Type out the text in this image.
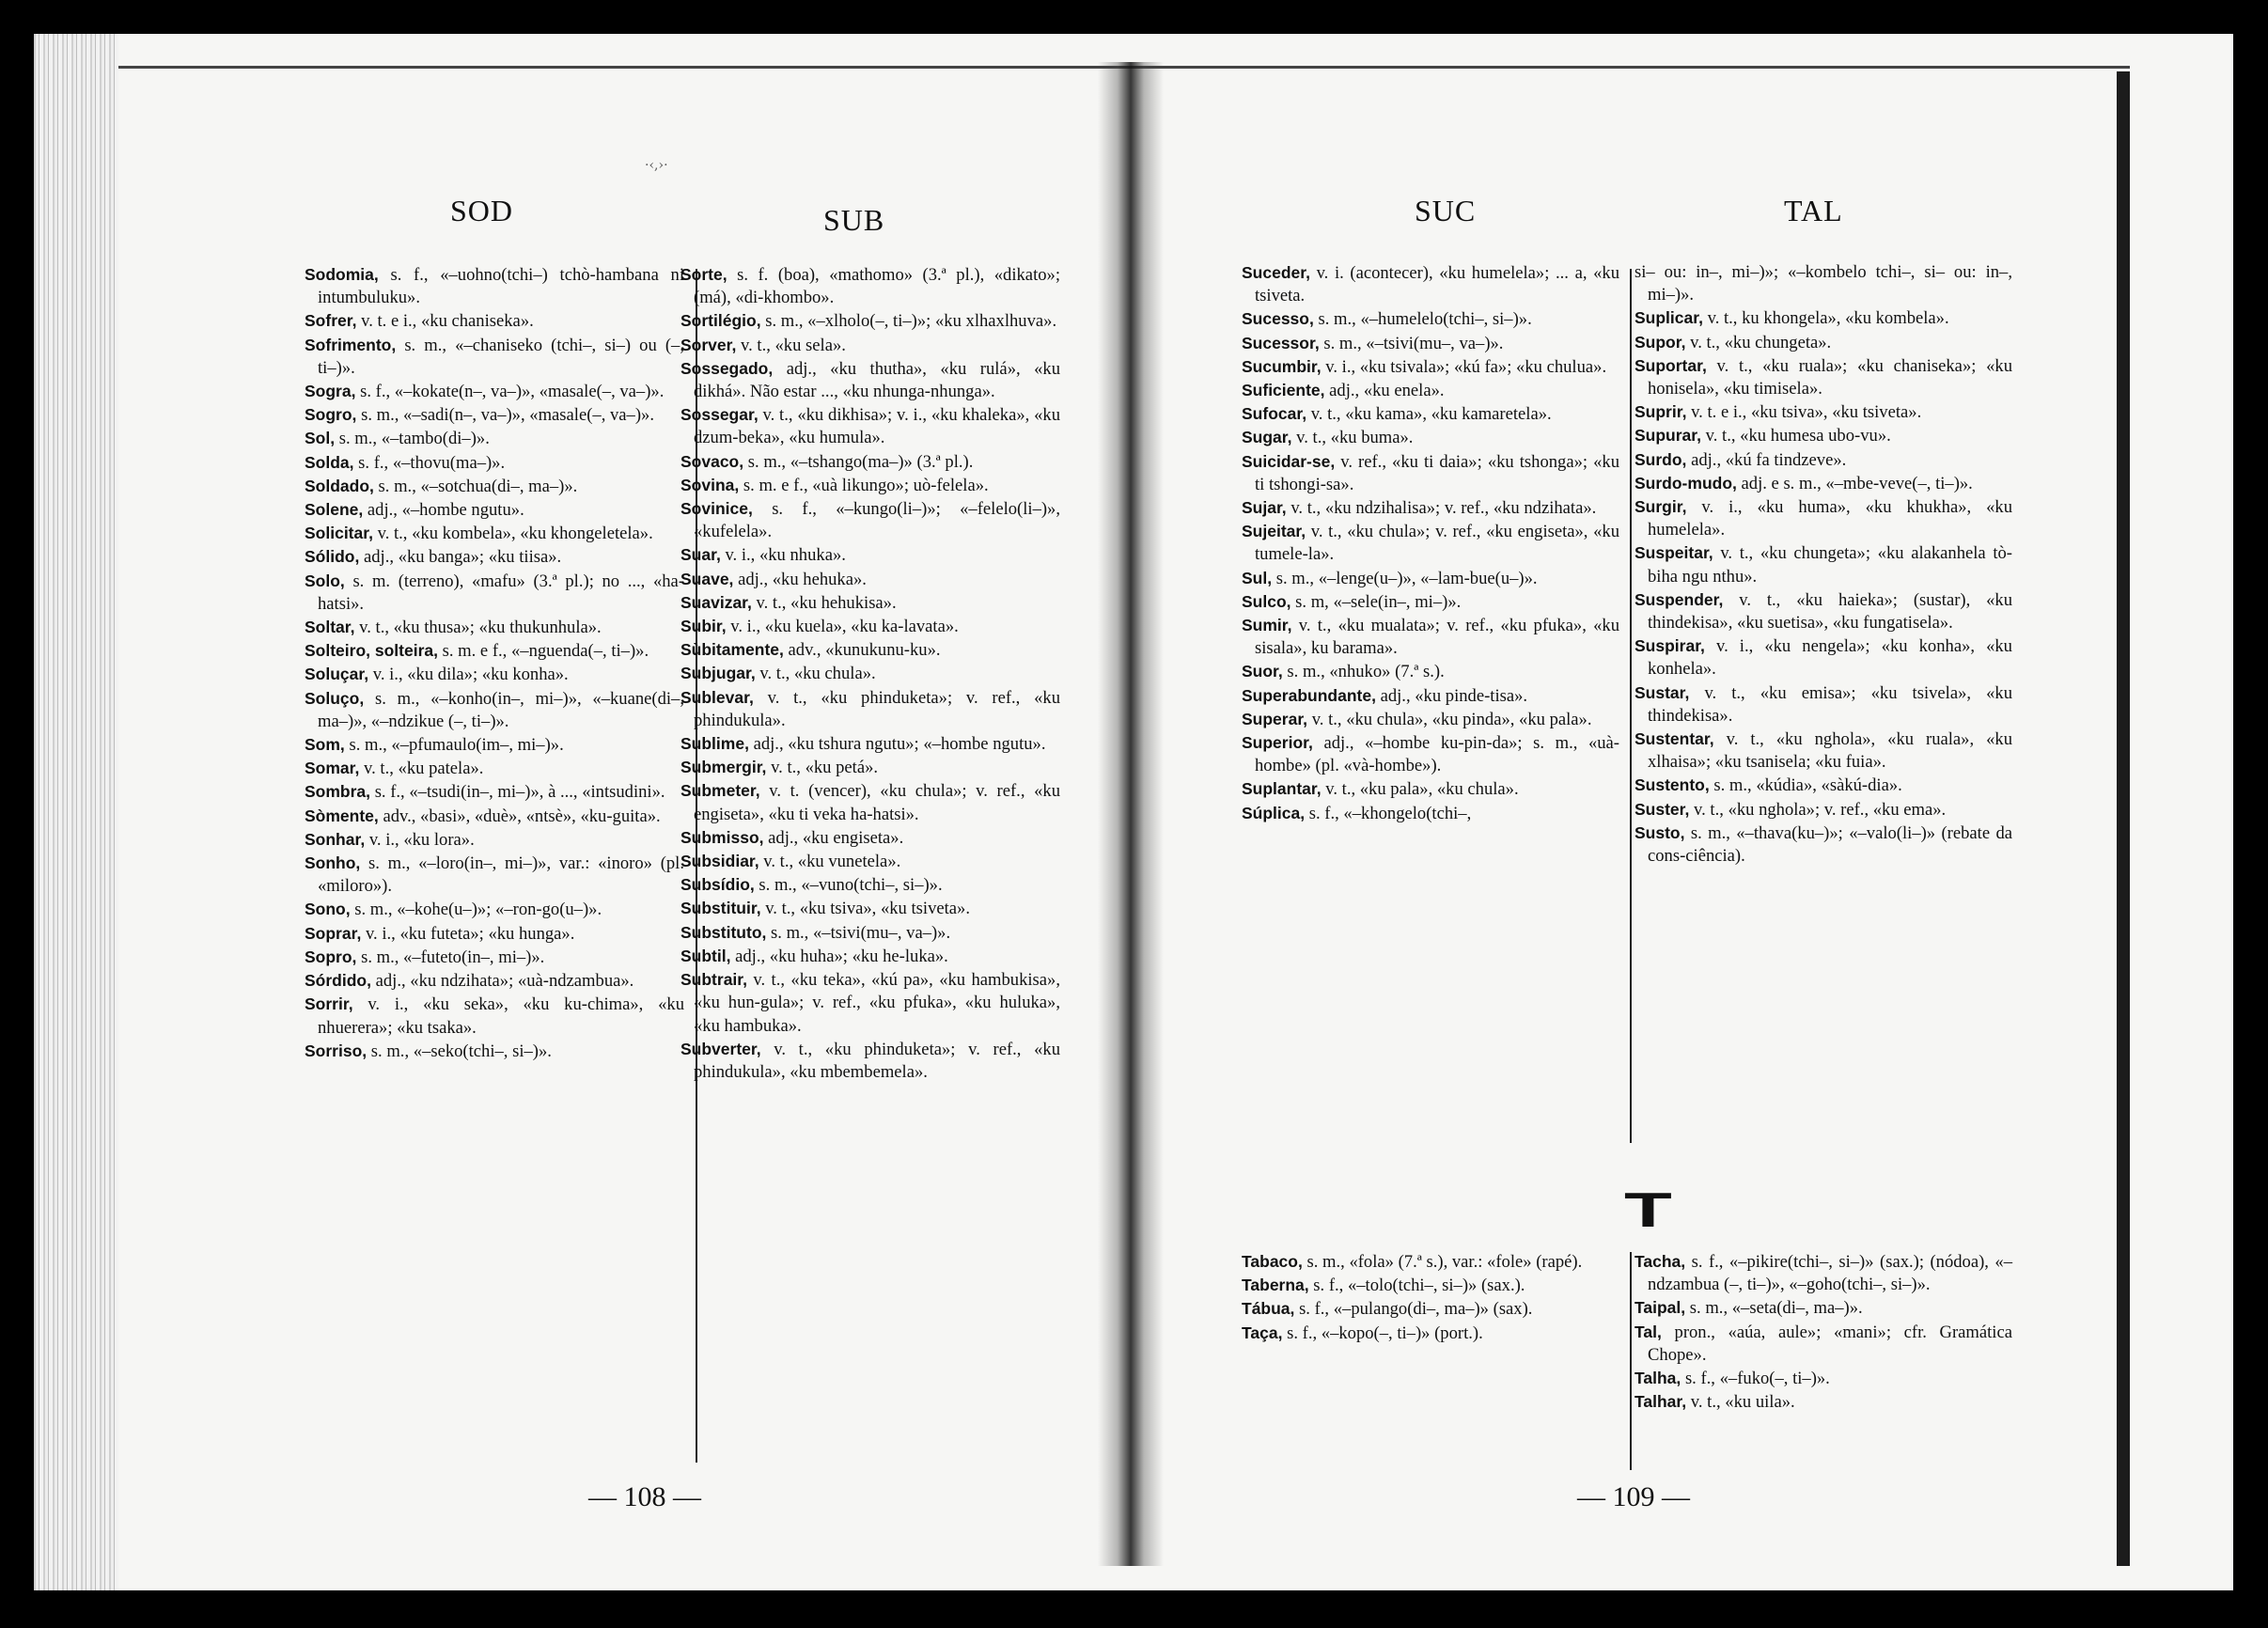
·‹,›·
SOD	SUB
Sodomia, s. f., «–uohno(tchi–) tchò-hambana ni intumbuluku».
Sofrer, v. t. e i., «ku chaniseka».
Sofrimento, s. m., «–chaniseko (tchi–, si–) ou (–, ti–)».
Sogra, s. f., «–kokate(n–, va–)», «masale(–, va–)».
Sogro, s. m., «–sadi(n–, va–)», «masale(–, va–)».
Sol, s. m., «–tambo(di–)».
Solda, s. f., «–thovu(ma–)».
Soldado, s. m., «–sotchua(di–, ma–)».
Solene, adj., «–hombe ngutu».
Solicitar, v. t., «ku kombela», «ku khongeletela».
Sólido, adj., «ku banga»; «ku tiisa».
Solo, s. m. (terreno), «mafu» (3.ª pl.); no ..., «ha-hatsi».
Soltar, v. t., «ku thusa»; «ku thukunhula».
Solteiro, solteira, s. m. e f., «–nguenda(–, ti–)».
Soluçar, v. i., «ku dila»; «ku konha».
Soluço, s. m., «–konho(in–, mi–)», «–kuane(di–, ma–)», «–ndzikue (–, ti–)».
Som, s. m., «–pfumaulo(im–, mi–)».
Somar, v. t., «ku patela».
Sombra, s. f., «–tsudi(in–, mi–)», à ..., «intsudini».
Sòmente, adv., «basi», «duè», «ntsè», «ku-guita».
Sonhar, v. i., «ku lora».
Sonho, s. m., «–loro(in–, mi–)», var.: «inoro» (pl. «miloro»).
Sono, s. m., «–kohe(u–)»; «–ron-go(u–)».
Soprar, v. i., «ku futeta»; «ku hunga».
Sopro, s. m., «–futeto(in–, mi–)».
Sórdido, adj., «ku ndzihata»; «uà-ndzambua».
Sorrir, v. i., «ku seka», «ku ku-chima», «ku nhuerera»; «ku tsaka».
Sorriso, s. m., «–seko(tchi–, si–)».
Sorte, s. f. (boa), «mathomo» (3.ª pl.), «dikato»; (má), «di-khombo».
Sortilégio, s. m., «–xlholo(–, ti–)»; «ku xlhaxlhuva».
Sorver, v. t., «ku sela».
Sossegado, adj., «ku thutha», «ku rulá», «ku dikhá». Não estar ..., «ku nhunga-nhunga».
Sossegar, v. t., «ku dikhisa»; v. i., «ku khaleka», «ku dzum-beka», «ku humula».
Sovaco, s. m., «–tshango(ma–)» (3.ª pl.).
Sovina, s. m. e f., «uà likungo»; uò-felela».
Sovinice, s. f., «–kungo(li–)»; «–felelo(li–)», «kufelela».
Suar, v. i., «ku nhuka».
Suave, adj., «ku hehuka».
Suavizar, v. t., «ku hehukisa».
Subir, v. i., «ku kuela», «ku ka-lavata».
Sùbitamente, adv., «kunukunu-ku».
Subjugar, v. t., «ku chula».
Sublevar, v. t., «ku phinduketa»; v. ref., «ku phindukula».
Sublime, adj., «ku tshura ngutu»; «–hombe ngutu».
Submergir, v. t., «ku petá».
Submeter, v. t. (vencer), «ku chula»; v. ref., «ku engiseta», «ku ti veka ha-hatsi».
Submisso, adj., «ku engiseta».
Subsidiar, v. t., «ku vunetela».
Subsídio, s. m., «–vuno(tchi–, si–)».
Substituir, v. t., «ku tsiva», «ku tsiveta».
Substituto, s. m., «–tsivi(mu–, va–)».
Subtil, adj., «ku huha»; «ku he-luka».
Subtrair, v. t., «ku teka», «kú pa», «ku hambukisa», «ku hun-gula»; v. ref., «ku pfuka», «ku huluka», «ku hambuka».
Subverter, v. t., «ku phinduketa»; v. ref., «ku phindukula», «ku mbembemela».
— 108 —
SUC	TAL
Suceder, v. i. (acontecer), «ku humelela»; ... a, «ku tsiveta.
Sucesso, s. m., «–humelelo(tchi–, si–)».
Sucessor, s. m., «–tsivi(mu–, va–)».
Sucumbir, v. i., «ku tsivala»; «kú fa»; «ku chulua».
Suficiente, adj., «ku enela».
Sufocar, v. t., «ku kama», «ku kamaretela».
Sugar, v. t., «ku buma».
Suicidar-se, v. ref., «ku ti daia»; «ku tshonga»; «ku ti tshongi-sa».
Sujar, v. t., «ku ndzihalisa»; v. ref., «ku ndzihata».
Sujeitar, v. t., «ku chula»; v. ref., «ku engiseta», «ku tumele-la».
Sul, s. m., «–lenge(u–)», «–lam-bue(u–)».
Sulco, s. m, «–sele(in–, mi–)».
Sumir, v. t., «ku mualata»; v. ref., «ku pfuka», «ku sisala», ku barama».
Suor, s. m., «nhuko» (7.ª s.).
Superabundante, adj., «ku pinde-tisa».
Superar, v. t., «ku chula», «ku pinda», «ku pala».
Superior, adj., «–hombe ku-pin-da»; s. m., «uà-hombe» (pl. «và-hombe»).
Suplantar, v. t., «ku pala», «ku chula».
Súplica, s. f., «–khongelo(tchi–,
si– ou: in–, mi–)»; «–kombelo tchi–, si– ou: in–, mi–)».
Suplicar, v. t., ku khongela», «ku kombela».
Supor, v. t., «ku chungeta».
Suportar, v. t., «ku ruala»; «ku chaniseka»; «ku honisela», «ku timisela».
Suprir, v. t. e i., «ku tsiva», «ku tsiveta».
Supurar, v. t., «ku humesa ubo-vu».
Surdo, adj., «kú fa tindzeve».
Surdo-mudo, adj. e s. m., «–mbe-veve(–, ti–)».
Surgir, v. i., «ku huma», «ku khukha», «ku humelela».
Suspeitar, v. t., «ku chungeta»; «ku alakanhela tò-biha ngu nthu».
Suspender, v. t., «ku haieka»; (sustar), «ku thindekisa», «ku suetisa», «ku fungatisela».
Suspirar, v. i., «ku nengela»; «ku konha», «ku konhela».
Sustar, v. t., «ku emisa»; «ku tsivela», «ku thindekisa».
Sustentar, v. t., «ku nghola», «ku ruala», «ku xlhaisa»; «ku tsanisela; «ku fuia».
Sustento, s. m., «kúdia», «sàkú-dia».
Suster, v. t., «ku nghola»; v. ref., «ku ema».
Susto, s. m., «–thava(ku–)»; «–valo(li–)» (rebate da cons-ciência).
T
Tabaco, s. m., «fola» (7.ª s.), var.: «fole» (rapé).
Taberna, s. f., «–tolo(tchi–, si–)» (sax.).
Tábua, s. f., «–pulango(di–, ma–)» (sax).
Taça, s. f., «–kopo(–, ti–)» (port.).
Tacha, s. f., «–pikire(tchi–, si–)» (sax.); (nódoa), «–ndzambua (–, ti–)», «–goho(tchi–, si–)».
Taipal, s. m., «–seta(di–, ma–)».
Tal, pron., «aúa, aule»; «mani»; cfr. Gramática Chope».
Talha, s. f., «–fuko(–, ti–)».
Talhar, v. t., «ku uila».
— 109 —
